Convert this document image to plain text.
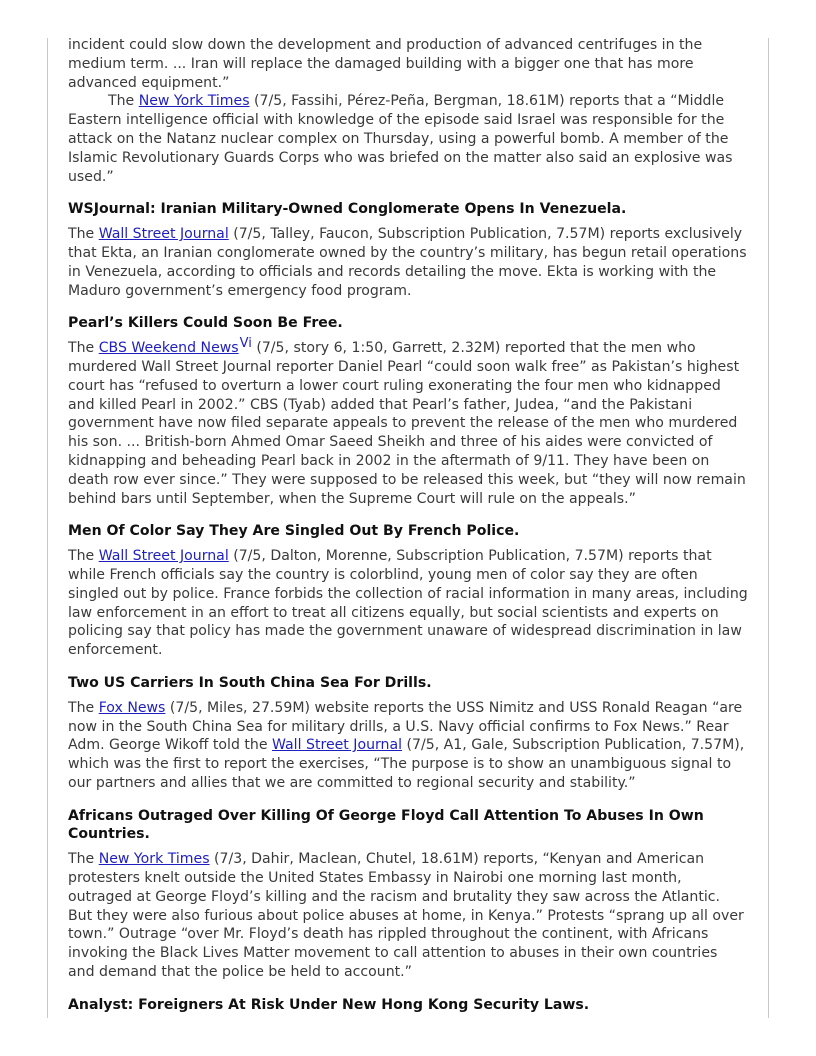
incident could slow down the development and production of advanced centrifuges in the medium term. ... Iran will replace the damaged building with a bigger one that has more advanced equipment.”

The New York Times (7/5, Fassihi, Pérez-Peña, Bergman, 18.61M) reports that a “Middle Eastern intelligence official with knowledge of the episode said Israel was responsible for the attack on the Natanz nuclear complex on Thursday, using a powerful bomb. A member of the Islamic Revolutionary Guards Corps who was briefed on the matter also said an explosive was used.”

WSJournal: Iranian Military-Owned Conglomerate Opens In Venezuela.

The Wall Street Journal (7/5, Talley, Faucon, Subscription Publication, 7.57M) reports exclusively that Ekta, an Iranian conglomerate owned by the country’s military, has begun retail operations in Venezuela, according to officials and records detailing the move. Ekta is working with the Maduro government’s emergency food program.

Pearl’s Killers Could Soon Be Free.

The CBS Weekend News$^{Vi}$ (7/5, story 6, 1:50, Garrett, 2.32M) reported that the men who murdered Wall Street Journal reporter Daniel Pearl “could soon walk free” as Pakistan’s highest court has “refused to overturn a lower court ruling exonerating the four men who kidnapped and killed Pearl in 2002.” CBS (Tyab) added that Pearl’s father, Judea, “and the Pakistani government have now filed separate appeals to prevent the release of the men who murdered his son. ... British-born Ahmed Omar Saeed Sheikh and three of his aides were convicted of kidnapping and beheading Pearl back in 2002 in the aftermath of 9/11. They have been on death row ever since.” They were supposed to be released this week, but “they will now remain behind bars until September, when the Supreme Court will rule on the appeals.”

Men Of Color Say They Are Singled Out By French Police.

The Wall Street Journal (7/5, Dalton, Morenne, Subscription Publication, 7.57M) reports that while French officials say the country is colorblind, young men of color say they are often singled out by police. France forbids the collection of racial information in many areas, including law enforcement in an effort to treat all citizens equally, but social scientists and experts on policing say that policy has made the government unaware of widespread discrimination in law enforcement.

Two US Carriers In South China Sea For Drills.

The Fox News (7/5, Miles, 27.59M) website reports the USS Nimitz and USS Ronald Reagan “are now in the South China Sea for military drills, a U.S. Navy official confirms to Fox News.” Rear Adm. George Wikoff told the Wall Street Journal (7/5, A1, Gale, Subscription Publication, 7.57M), which was the first to report the exercises, “The purpose is to show an unambiguous signal to our partners and allies that we are committed to regional security and stability.”

Africans Outraged Over Killing Of George Floyd Call Attention To Abuses In Own Countries.

The New York Times (7/3, Dahir, Maclean, Chutel, 18.61M) reports, “Kenyan and American protesters knelt outside the United States Embassy in Nairobi one morning last month, outraged at George Floyd’s killing and the racism and brutality they saw across the Atlantic. But they were also furious about police abuses at home, in Kenya.” Protests “sprang up all over town.” Outrage “over Mr. Floyd’s death has rippled throughout the continent, with Africans invoking the Black Lives Matter movement to call attention to abuses in their own countries and demand that the police be held to account.”

Analyst: Foreigners At Risk Under New Hong Kong Security Laws.
